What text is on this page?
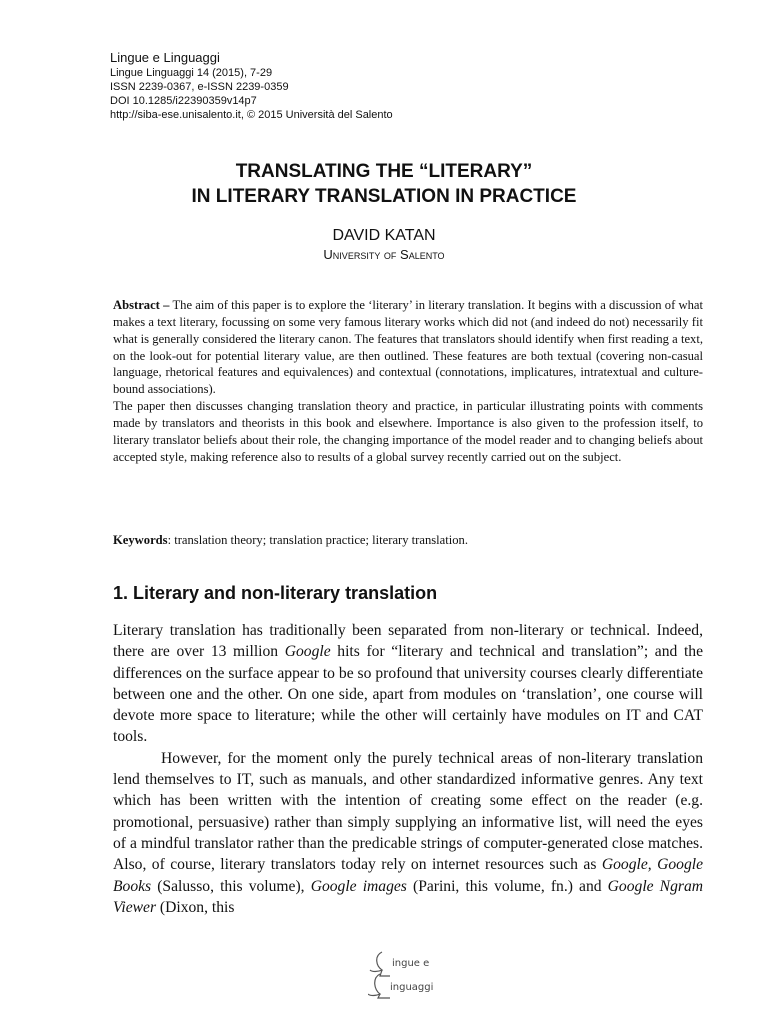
Lingue e Linguaggi
Lingue Linguaggi 14 (2015), 7-29
ISSN 2239-0367, e-ISSN 2239-0359
DOI 10.1285/i22390359v14p7
http://siba-ese.unisalento.it, © 2015 Università del Salento
TRANSLATING THE “LITERARY”
IN LITERARY TRANSLATION IN PRACTICE
DAVID KATAN
University of Salento

Abstract – The aim of this paper is to explore the ‘literary’ in literary translation. It begins with a discussion of what makes a text literary, focussing on some very famous literary works which did not (and indeed do not) necessarily fit what is generally considered the literary canon. The features that translators should identify when first reading a text, on the look-out for potential literary value, are then outlined. These features are both textual (covering non-casual language, rhetorical features and equivalences) and contextual (connotations, implicatures, intratextual and culture-bound associations).

The paper then discusses changing translation theory and practice, in particular illustrating points with comments made by translators and theorists in this book and elsewhere. Importance is also given to the profession itself, to literary translator beliefs about their role, the changing importance of the model reader and to changing beliefs about accepted style, making reference also to results of a global survey recently carried out on the subject.

Keywords: translation theory; translation practice; literary translation.
1. Literary and non-literary translation

Literary translation has traditionally been separated from non-literary or technical. Indeed, there are over 13 million Google hits for “literary and technical and translation”; and the differences on the surface appear to be so profound that university courses clearly differentiate between one and the other. On one side, apart from modules on ‘translation’, one course will devote more space to literature; while the other will certainly have modules on IT and CAT tools.

However, for the moment only the purely technical areas of non-literary translation lend themselves to IT, such as manuals, and other standardized informative genres. Any text which has been written with the intention of creating some effect on the reader (e.g. promotional, persuasive) rather than simply supplying an informative list, will need the eyes of a mindful translator rather than the predicable strings of computer-generated close matches. Also, of course, literary translators today rely on internet resources such as Google, Google Books (Salusso, this volume), Google images (Parini, this volume, fn.) and Google Ngram Viewer (Dixon, this

ingue e
inguaggi
